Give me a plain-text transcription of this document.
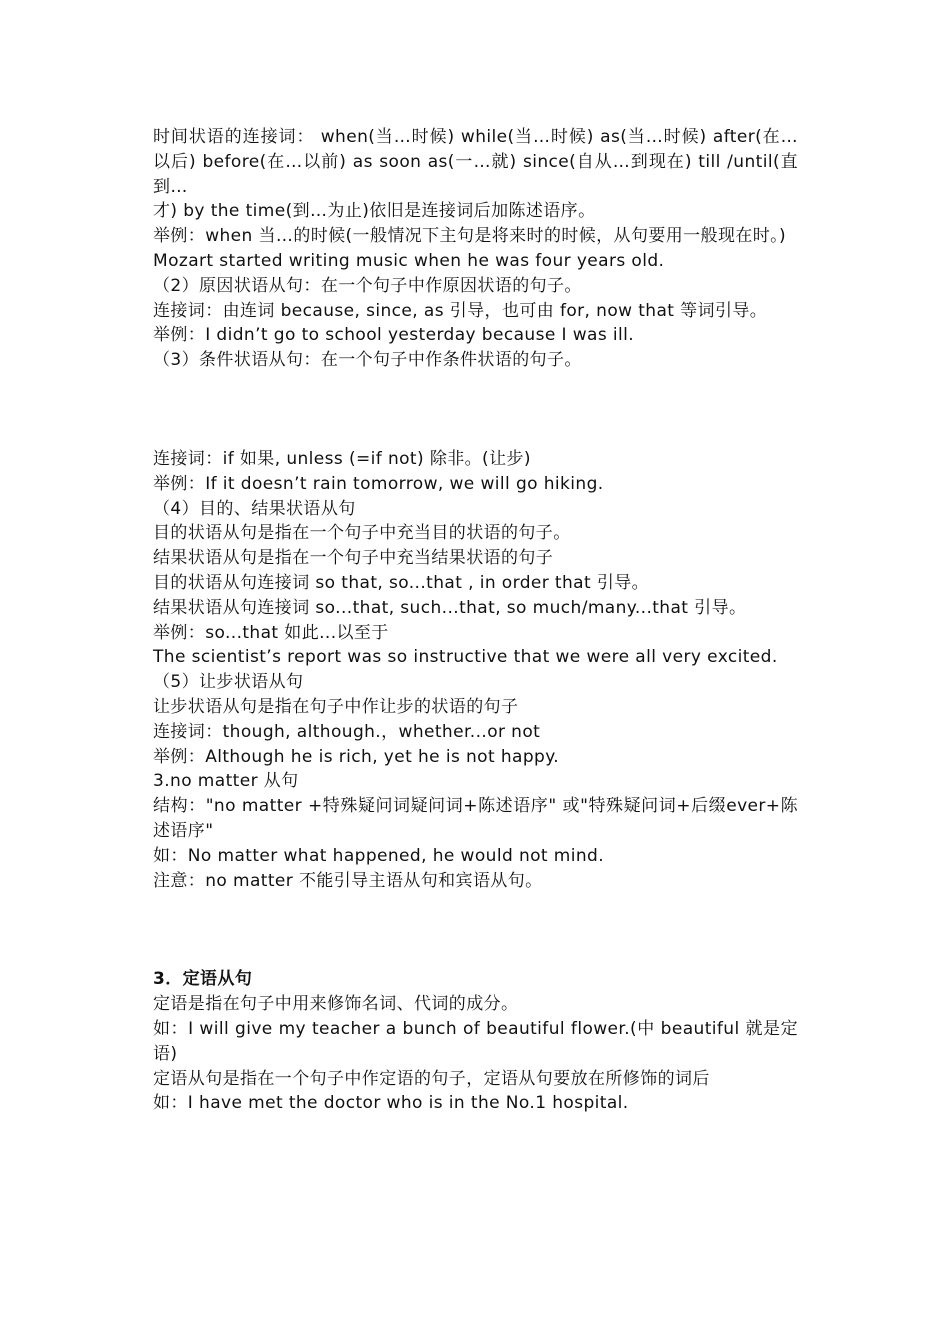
时间状语的连接词： when(当…时候) while(当…时候) as(当…时候) after(在…以后) before(在…以前) as soon as(一…就) since(自从…到现在) till /until(直到…

才) by the time(到…为止)依旧是连接词后加陈述语序。

举例：when 当…的时候(一般情况下主句是将来时的时候，从句要用一般现在时。)

Mozart started writing music when he was four years old.

（2）原因状语从句：在一个句子中作原因状语的句子。

连接词：由连词 because, since, as 引导，也可由 for, now that 等词引导。

举例：I didn’t go to school yesterday because I was ill.

（3）条件状语从句：在一个句子中作条件状语的句子。

连接词：if 如果, unless (=if not) 除非。(让步)

举例：If it doesn’t rain tomorrow, we will go hiking.

（4）目的、结果状语从句

目的状语从句是指在一个句子中充当目的状语的句子。

结果状语从句是指在一个句子中充当结果状语的句子

目的状语从句连接词 so that, so...that , in order that 引导。

结果状语从句连接词 so...that, such...that, so much/many...that 引导。

举例：so...that 如此...以至于

The scientist’s report was so instructive that we were all very excited.

（5）让步状语从句

让步状语从句是指在句子中作让步的状语的句子

连接词：though, although.，whether...or not

举例：Although he is rich, yet he is not happy.

3.no matter 从句

结构："no matter +特殊疑问词疑问词+陈述语序" 或"特殊疑问词+后缀ever+陈述语序"

如：No matter what happened, he would not mind.

注意：no matter 不能引导主语从句和宾语从句。

3．定语从句

定语是指在句子中用来修饰名词、代词的成分。

如：I will give my teacher a bunch of beautiful flower.(中 beautiful 就是定语)

定语从句是指在一个句子中作定语的句子，定语从句要放在所修饰的词后

如：I have met the doctor who is in the No.1 hospital.
